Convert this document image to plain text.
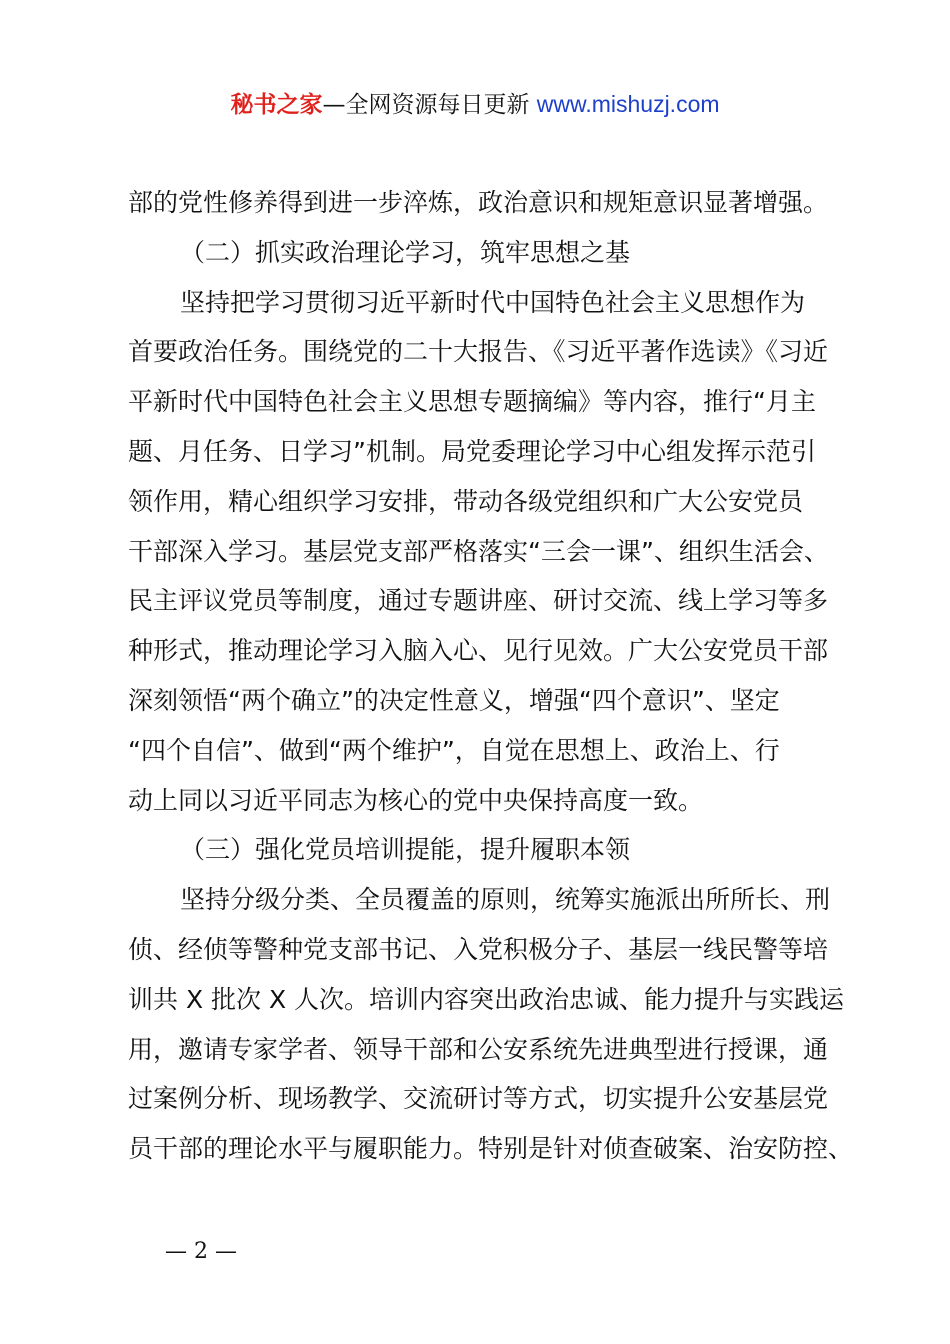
秘书之家—全网资源每日更新 www.mishuzj.com
部的党性修养得到进一步淬炼，政治意识和规矩意识显著增强。
（二）抓实政治理论学习，筑牢思想之基
坚持把学习贯彻习近平新时代中国特色社会主义思想作为
首要政治任务。围绕党的二十大报告、《习近平著作选读》《习近
平新时代中国特色社会主义思想专题摘编》等内容，推行“月主
题、月任务、日学习”机制。局党委理论学习中心组发挥示范引
领作用，精心组织学习安排，带动各级党组织和广大公安党员
干部深入学习。基层党支部严格落实“三会一课”、组织生活会、
民主评议党员等制度，通过专题讲座、研讨交流、线上学习等多
种形式，推动理论学习入脑入心、见行见效。广大公安党员干部
深刻领悟“两个确立”的决定性意义，增强“四个意识”、坚定
“四个自信”、做到“两个维护”，自觉在思想上、政治上、行
动上同以习近平同志为核心的党中央保持高度一致。
（三）强化党员培训提能，提升履职本领
坚持分级分类、全员覆盖的原则，统筹实施派出所所长、刑
侦、经侦等警种党支部书记、入党积极分子、基层一线民警等培
训共 X 批次 X 人次。培训内容突出政治忠诚、能力提升与实践运
用，邀请专家学者、领导干部和公安系统先进典型进行授课，通
过案例分析、现场教学、交流研讨等方式，切实提升公安基层党
员干部的理论水平与履职能力。特别是针对侦查破案、治安防控、
— 2 —
